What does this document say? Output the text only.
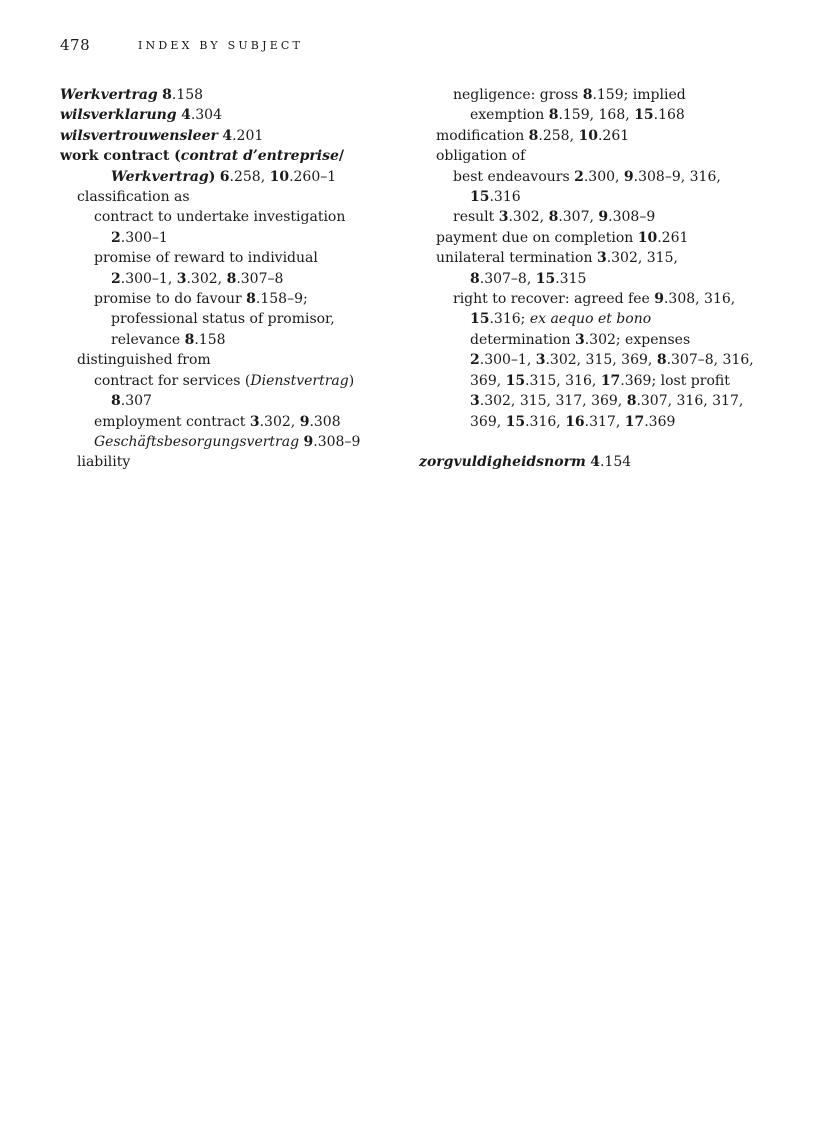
478	INDEX BY SUBJECT
Werkvertrag 8.158
wilsverklarung 4.304
wilsvertrouwensleer 4.201
work contract (contrat d’entreprise/
Werkvertrag) 6.258, 10.260–1
classification as
contract to undertake investigation
2.300–1
promise of reward to individual
2.300–1, 3.302, 8.307–8
promise to do favour 8.158–9;
professional status of promisor,
relevance 8.158
distinguished from
contract for services (Dienstvertrag)
8.307
employment contract 3.302, 9.308
Geschäftsbesorgungsvertrag 9.308–9
liability
negligence: gross 8.159; implied
exemption 8.159, 168, 15.168
modification 8.258, 10.261
obligation of
best endeavours 2.300, 9.308–9, 316,
15.316
result 3.302, 8.307, 9.308–9
payment due on completion 10.261
unilateral termination 3.302, 315,
8.307–8, 15.315
right to recover: agreed fee 9.308, 316,
15.316; ex aequo et bono
determination 3.302; expenses
2.300–1, 3.302, 315, 369, 8.307–8, 316,
369, 15.315, 316, 17.369; lost profit
3.302, 315, 317, 369, 8.307, 316, 317,
369, 15.316, 16.317, 17.369
zorgvuldigheidsnorm 4.154
